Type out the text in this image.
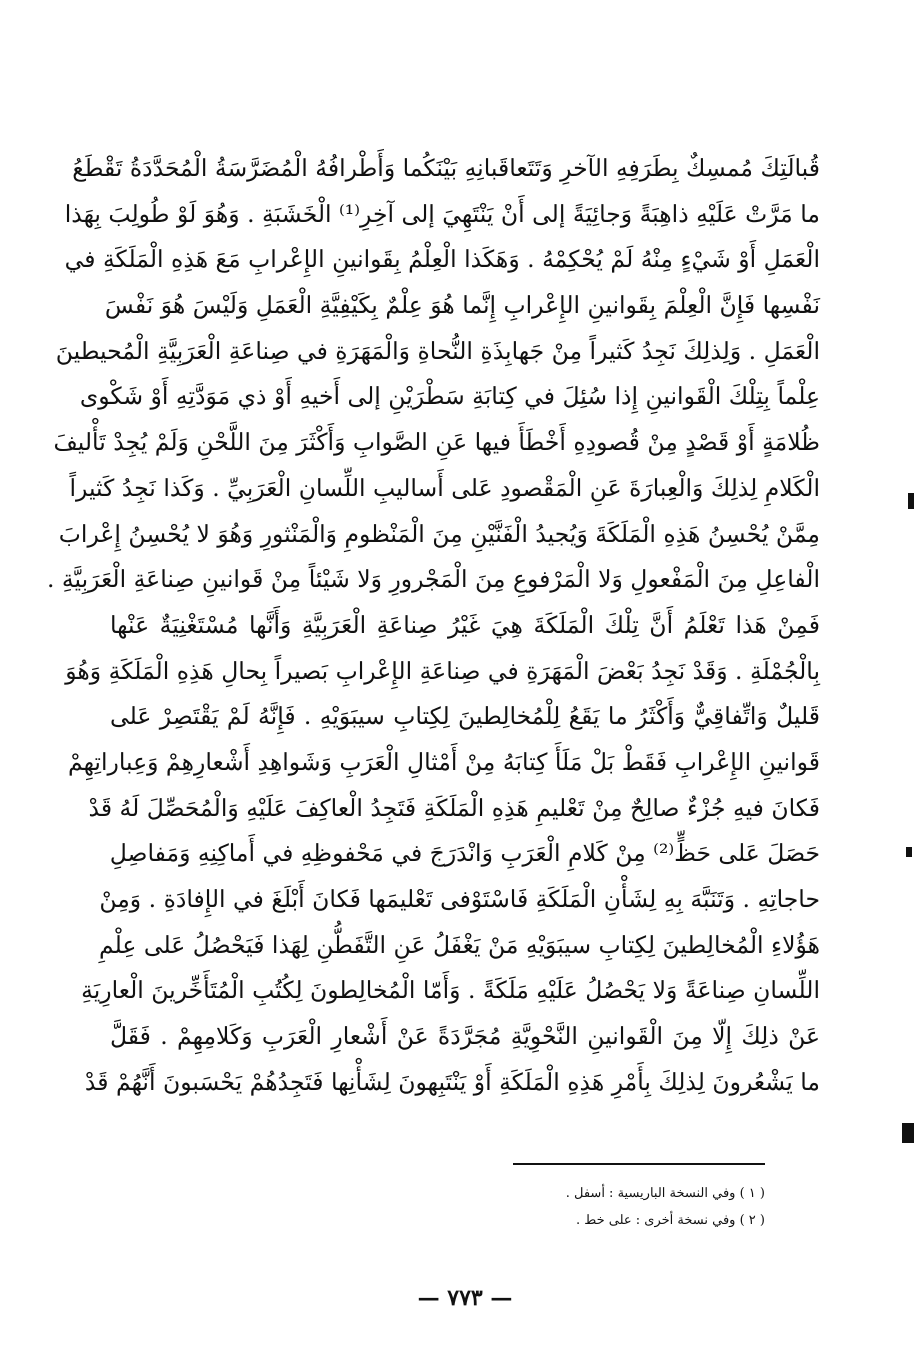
قُبالَتِكَ مُمسِكٌ بِطَرَفِهِ الآخرِ وَتَتَعاقَبانِهِ بَيْنَكُما وَأَطْرافُهُ الْمُضَرَّسَةُ الْمُحَدَّدَةُ تَقْطَعُ
ما مَرَّتْ عَلَيْهِ ذاهِبَةً وَجائِيَةً إلى أَنْ يَنْتَهِيَ إلى آخِرِ⁽¹⁾ الْخَشَبَةِ . وَهُوَ لَوْ طُولِبَ بِهَذا
الْعَمَلِ أَوْ شَيْءٍ مِنْهُ لَمْ يُحْكِمْهُ . وَهَكَذا الْعِلْمُ بِقَوانينِ الإِعْرابِ مَعَ هَذِهِ الْمَلَكَةِ في
نَفْسِها فَإِنَّ الْعِلْمَ بِقَوانينِ الإِعْرابِ إِنَّما هُوَ عِلْمٌ بِكَيْفِيَّةِ الْعَمَلِ وَلَيْسَ هُوَ نَفْسَ
الْعَمَلِ . وَلِذلِكَ نَجِدُ كَثيراً مِنْ جَهابِذَةِ النُّحاةِ وَالْمَهَرَةِ في صِناعَةِ الْعَرَبِيَّةِ الْمُحيطينَ
عِلْماً بِتِلْكَ الْقَوانينِ إِذا سُئِلَ في كِتابَةِ سَطْرَيْنِ إلى أَخيهِ أَوْ ذي مَوَدَّتِهِ أَوْ شَكْوى
ظُلامَةٍ أَوْ قَصْدٍ مِنْ قُصودِهِ أَخْطَأَ فيها عَنِ الصَّوابِ وَأَكْثَرَ مِنَ اللَّحْنِ وَلَمْ يُجِدْ تَأْليفَ
الْكَلامِ لِذلِكَ وَالْعِبارَةَ عَنِ الْمَقْصودِ عَلى أَساليبِ اللِّسانِ الْعَرَبِيِّ . وَكَذا نَجِدُ كَثيراً
مِمَّنْ يُحْسِنُ هَذِهِ الْمَلَكَةَ وَيُجيدُ الْفَنَّيْنِ مِنَ الْمَنْظومِ وَالْمَنْثورِ وَهُوَ لا يُحْسِنُ إِعْرابَ
الْفاعِلِ مِنَ الْمَفْعولِ وَلا الْمَرْفوعِ مِنَ الْمَجْرورِ وَلا شَيْئاً مِنْ قَوانينِ صِناعَةِ الْعَرَبِيَّةِ .
فَمِنْ هَذا تَعْلَمُ أَنَّ تِلْكَ الْمَلَكَةَ هِيَ غَيْرُ صِناعَةِ الْعَرَبِيَّةِ وَأَنَّها مُسْتَغْنِيَةٌ عَنْها
بِالْجُمْلَةِ . وَقَدْ نَجِدُ بَعْضَ الْمَهَرَةِ في صِناعَةِ الإِعْرابِ بَصيراً بِحالِ هَذِهِ الْمَلَكَةِ وَهُوَ
قَليلٌ وَاتِّفاقِيٌّ وَأَكْثَرُ ما يَقَعُ لِلْمُخالِطينَ لِكِتابِ سيبَوَيْهِ . فَإِنَّهُ لَمْ يَقْتَصِرْ عَلى
قَوانينِ الإِعْرابِ فَقَطْ بَلْ مَلَأَ كِتابَهُ مِنْ أَمْثالِ الْعَرَبِ وَشَواهِدِ أَشْعارِهِمْ وَعِباراتِهِمْ
فَكانَ فيهِ جُزْءٌ صالِحٌ مِنْ تَعْليمِ هَذِهِ الْمَلَكَةِ فَتَجِدُ الْعاكِفَ عَلَيْهِ وَالْمُحَصِّلَ لَهُ قَدْ
حَصَلَ عَلى حَظٍّ⁽²⁾ مِنْ كَلامِ الْعَرَبِ وَانْدَرَجَ في مَحْفوظِهِ في أَماكِنِهِ وَمَفاصِلِ
حاجاتِهِ . وَتَنَبَّهَ بِهِ لِشَأْنِ الْمَلَكَةِ فَاسْتَوْفى تَعْليمَها فَكانَ أَبْلَغَ في الإِفادَةِ . وَمِنْ
هَؤُلاءِ الْمُخالِطينَ لِكِتابِ سيبَوَيْهِ مَنْ يَغْفَلُ عَنِ التَّفَطُّنِ لِهَذا فَيَحْصُلُ عَلى عِلْمِ
اللِّسانِ صِناعَةً وَلا يَحْصُلُ عَلَيْهِ مَلَكَةً . وَأَمّا الْمُخالِطونَ لِكُتُبِ الْمُتَأَخِّرينَ الْعارِيَةِ
عَنْ ذلِكَ إِلّا مِنَ الْقَوانينِ النَّحْوِيَّةِ مُجَرَّدَةً عَنْ أَشْعارِ الْعَرَبِ وَكَلامِهِمْ . فَقَلَّ
ما يَشْعُرونَ لِذلِكَ بِأَمْرِ هَذِهِ الْمَلَكَةِ أَوْ يَنْتَبِهونَ لِشَأْنِها فَتَجِدُهُمْ يَحْسَبونَ أَنَّهُمْ قَدْ
( ١ ) وفي النسخة الباريسية : أسفل .
( ٢ ) وفي نسخة أخرى : على خط .
— ٧٧٣ —
